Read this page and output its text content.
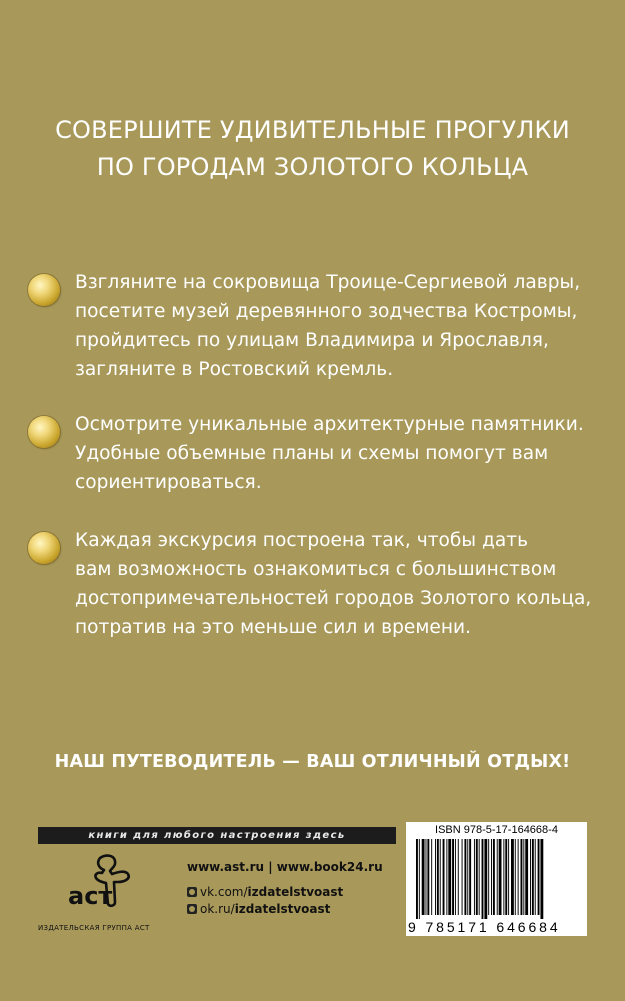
СОВЕРШИТЕ УДИВИТЕЛЬНЫЕ ПРОГУЛКИ
ПО ГОРОДАМ ЗОЛОТОГО КОЛЬЦА
Взгляните на сокровища Троице-Сергиевой лавры,
посетите музей деревянного зодчества Костромы,
пройдитесь по улицам Владимира и Ярославля,
загляните в Ростовский кремль.
Осмотрите уникальные архитектурные памятники.
Удобные объемные планы и схемы помогут вам
сориентироваться.
Каждая экскурсия построена так, чтобы дать
вам возможность ознакомиться с большинством
достопримечательностей городов Золотого кольца,
потратив на это меньше сил и времени.
НАШ ПУТЕВОДИТЕЛЬ — ВАШ ОТЛИЧНЫЙ ОТДЫХ!
книги для любого настроения здесь
аст
ИЗДАТЕЛЬСКАЯ ГРУППА АСТ
www.ast.ru | www.book24.ru
vk.com/izdatelstvoast
ok.ru/izdatelstvoast
ISBN 978-5-17-164668-4
9 785171 646684
